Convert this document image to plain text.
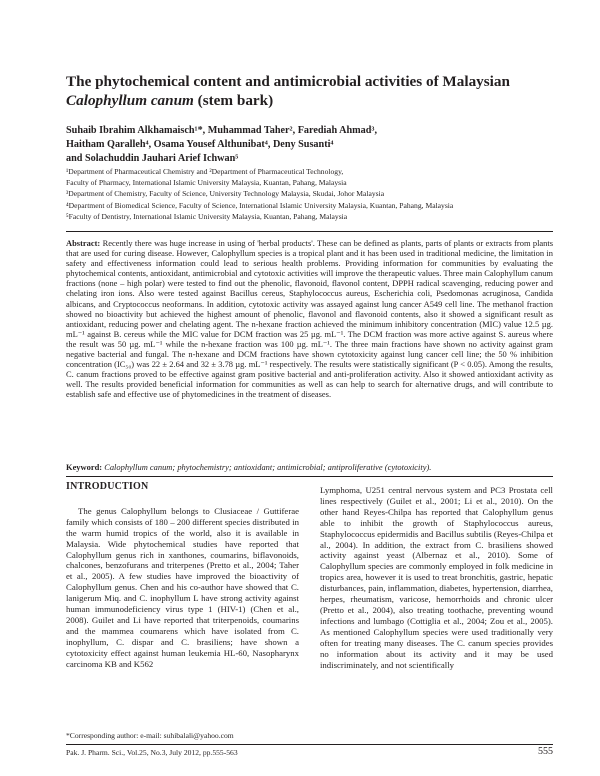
The phytochemical content and antimicrobial activities of Malaysian
Calophyllum canum (stem bark)
Suhaib Ibrahim Alkhamaisch¹*, Muhammad Taher², Farediah Ahmad³,
Haitham Qaralleh⁴, Osama Yousef Althunibat⁴, Deny Susanti⁴
and Solachuddin Jauhari Arief Ichwan⁵
¹Department of Pharmaceutical Chemistry and ²Department of Pharmaceutical Technology,
Faculty of Pharmacy, International Islamic University Malaysia, Kuantan, Pahang, Malaysia
³Department of Chemistry, Faculty of Science, University Technology Malaysia, Skudai, Johor Malaysia
⁴Department of Biomedical Science, Faculty of Science, International Islamic University Malaysia, Kuantan, Pahang, Malaysia
⁵Faculty of Dentistry, International Islamic University Malaysia, Kuantan, Pahang, Malaysia

Abstract: Recently there was huge increase in using of 'herbal products'. These can be defined as plants, parts of plants or extracts from plants that are used for curing disease. However, Calophyllum species is a tropical plant and it has been used in traditional medicine, the limitation in safety and effectiveness information could lead to serious health problems. Providing information for communities by evaluating the phytochemical contents, antioxidant, antimicrobial and cytotoxic activities will improve the therapeutic values. Three main Calophyllum canum fractions (none – high polar) were tested to find out the phenolic, flavonoid, flavonol content, DPPH radical scavenging, reducing power and chelating iron ions. Also were tested against Bacillus cereus, Staphylococcus aureus, Escherichia coli, Psedomonas acruginosa, Candida albicans, and Cryptococcus neoformans. In addition, cytotoxic activity was assayed against lung cancer A549 cell line. The methanol fraction showed no bioactivity but achieved the highest amount of phenolic, flavonol and flavonoid contents, also it showed a significant result as antioxidant, reducing power and chelating agent. The n-hexane fraction achieved the minimum inhibitory concentration (MIC) value 12.5 µg. mL⁻¹ against B. cereus while the MIC value for DCM fraction was 25 µg. mL⁻¹. The DCM fraction was more active against S. aureus where the result was 50 µg. mL⁻¹ while the n-hexane fraction was 100 µg. mL⁻¹. The three main fractions have shown no activity against gram negative bacterial and fungal. The n-hexane and DCM fractions have shown cytotoxicity against lung cancer cell line; the 50 % inhibition concentration (IC₅₀) was 22 ± 2.64 and 32 ± 3.78 µg. mL⁻¹ respectively. The results were statistically significant (P < 0.05). Among the results, C. canum fractions proved to be effective against gram positive bacterial and anti-proliferation activity. Also it showed antioxidant activity as well. The results provided beneficial information for communities as well as can help to search for alternative drugs, and will contribute to establish safe and effective use of phytomedicines in the treatment of diseases.

Keyword: Calophyllum canum; phytochemistry; antioxidant; antimicrobial; antiproliferative (cytotoxicity).

INTRODUCTION

The genus Calophyllum belongs to Clusiaceae / Guttiferae family which consists of 180 – 200 different species distributed in the warm humid tropics of the world, also it is available in Malaysia. Wide phytochemical studies have reported that Calophyllum genus rich in xanthones, coumarins, biflavonoids, chalcones, benzofurans and triterpenes (Pretto et al., 2004; Taher et al., 2005). A few studies have improved the bioactivity of Calophyllum genus. Chen and his co-author have showed that C. lanigerum Miq. and C. inophyllum L have strong activity against human immunodeficiency virus type 1 (HIV-1) (Chen et al., 2008). Guilet and Li have reported that triterpenoids, coumarins and the mammea coumarens which have isolated from C. inophyllum, C. dispar and C. brasiliens; have shown a cytotoxicity effect against human leukemia HL-60, Nasopharynx carcinoma KB and K562

Lymphoma, U251 central nervous system and PC3 Prostata cell lines respectively (Guilet et al., 2001; Li et al., 2010). On the other hand Reyes-Chilpa has reported that Calophyllum genus able to inhibit the growth of Staphylococcus aureus, Staphylococcus epidermidis and Bacillus subtilis (Reyes-Chilpa et al., 2004). In addition, the extract from C. brasiliens showed activity against yeast (Albernaz et al., 2010). Some of Calophyllum species are commonly employed in folk medicine in tropics area, however it is used to treat bronchitis, gastric, hepatic disturbances, pain, inflammation, diabetes, hypertension, diarrhea, herpes, rheumatism, varicose, hemorrhoids and chronic ulcer (Pretto et al., 2004), also treating toothache, preventing wound infections and lumbago (Cottiglia et al., 2004; Zou et al., 2005). As mentioned Calophyllum species were used traditionally very often for treating many diseases. The C. canum species provides no information about its activity and it may be used indiscriminately, and not scientifically

*Corresponding author: e-mail: suhibalali@yahoo.com
Pak. J. Pharm. Sci., Vol.25, No.3, July 2012, pp.555-563	555
